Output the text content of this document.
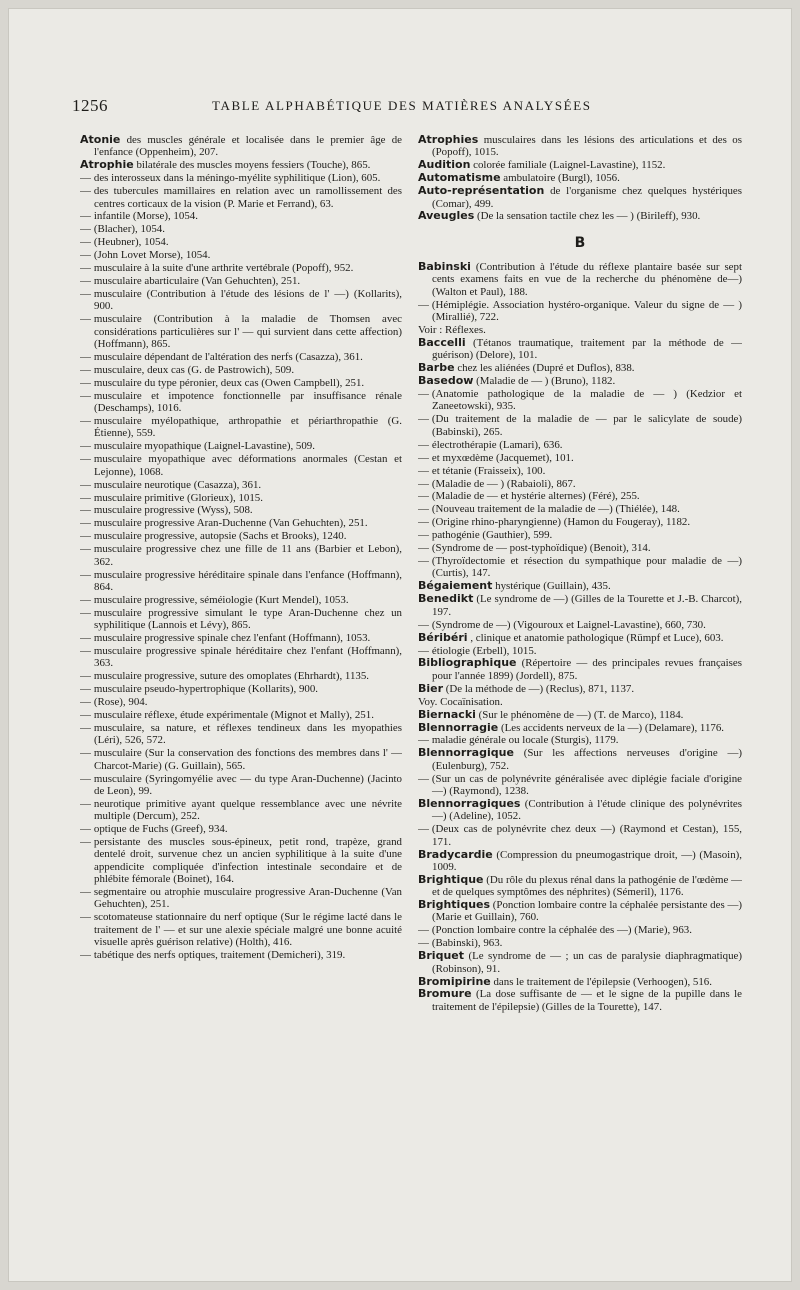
1256	TABLE ALPHABÉTIQUE DES MATIÈRES ANALYSÉES
Atonie des muscles générale et localisée dans le premier âge de l'enfance (Oppenheim), 207.
Atrophie bilatérale des muscles moyens fessiers (Touche), 865.
— des interosseux dans la méningo-myélite syphilitique (Lion), 605.
— des tubercules mamillaires en relation avec un ramollissement des centres corticaux de la vision (P. Marie et Ferrand), 63.
— infantile (Morse), 1054.
— (Blacher), 1054.
— (Heubner), 1054.
— (John Lovet Morse), 1054.
— musculaire à la suite d'une arthrite vertébrale (Popoff), 952.
— musculaire abarticulaire (Van Gehuchten), 251.
— musculaire (Contribution à l'étude des lésions de l' —) (Kollarits), 900.
— musculaire (Contribution à la maladie de Thomsen avec considérations particulières sur l' — qui survient dans cette affection) (Hoffmann), 865.
— musculaire dépendant de l'altération des nerfs (Casazza), 361.
— musculaire, deux cas (G. de Pastrowich), 509.
— musculaire du type péronier, deux cas (Owen Campbell), 251.
— musculaire et impotence fonctionnelle par insuffisance rénale (Deschamps), 1016.
— musculaire myélopathique, arthropathie et périarthropathie (G. Étienne), 559.
— musculaire myopathique (Laignel-Lavastine), 509.
— musculaire myopathique avec déformations anormales (Cestan et Lejonne), 1068.
— musculaire neurotique (Casazza), 361.
— musculaire primitive (Glorieux), 1015.
— musculaire progressive (Wyss), 508.
— musculaire progressive Aran-Duchenne (Van Gehuchten), 251.
— musculaire progressive, autopsie (Sachs et Brooks), 1240.
— musculaire progressive chez une fille de 11 ans (Barbier et Lebon), 362.
— musculaire progressive héréditaire spinale dans l'enfance (Hoffmann), 864.
— musculaire progressive, séméiologie (Kurt Mendel), 1053.
— musculaire progressive simulant le type Aran-Duchenne chez un syphilitique (Lannois et Lévy), 865.
— musculaire progressive spinale chez l'enfant (Hoffmann), 1053.
— musculaire progressive spinale héréditaire chez l'enfant (Hoffmann), 363.
— musculaire progressive, suture des omoplates (Ehrhardt), 1135.
— musculaire pseudo-hypertrophique (Kollarits), 900.
— (Rose), 904.
— musculaire réflexe, étude expérimentale (Mignot et Mally), 251.
— musculaire, sa nature, et réflexes tendineux dans les myopathies (Léri), 526, 572.
— musculaire (Sur la conservation des fonctions des membres dans l' — Charcot-Marie) (G. Guillain), 565.
— musculaire (Syringomyélie avec — du type Aran-Duchenne) (Jacinto de Leon), 99.
— neurotique primitive ayant quelque ressemblance avec une névrite multiple (Dercum), 252.
— optique de Fuchs (Greef), 934.
— persistante des muscles sous-épineux, petit rond, trapèze, grand dentelé droit, survenue chez un ancien syphilitique à la suite d'une appendicite compliquée d'infection intestinale secondaire et de phlébite fémorale (Boinet), 164.
— segmentaire ou atrophie musculaire progressive Aran-Duchenne (Van Gehuchten), 251.
— scotomateuse stationnaire du nerf optique (Sur le régime lacté dans le traitement de l' — et sur une alexie spéciale malgré une bonne acuité visuelle après guérison relative) (Holth), 416.
— tabétique des nerfs optiques, traitement (Demicheri), 319.
Atrophies musculaires dans les lésions des articulations et des os (Popoff), 1015.
Audition colorée familiale (Laignel-Lavastine), 1152.
Automatisme ambulatoire (Burgl), 1056.
Auto-représentation de l'organisme chez quelques hystériques (Comar), 499.
Aveugles (De la sensation tactile chez les — ) (Birileff), 930.
B
Babinski (Contribution à l'étude du réflexe plantaire basée sur sept cents examens faits en vue de la recherche du phénomène de—) (Walton et Paul), 188.
— (Hémiplégie. Association hystéro-organique. Valeur du signe de — ) (Mirallié), 722.
Voir : Réflexes.
Baccelli (Tétanos traumatique, traitement par la méthode de — guérison) (Delore), 101.
Barbe chez les aliénées (Dupré et Duflos), 838.
Basedow (Maladie de — ) (Bruno), 1182.
— (Anatomie pathologique de la maladie de — ) (Kedzior et Zaneetowski), 935.
— (Du traitement de la maladie de — par le salicylate de soude) (Babinski), 265.
— électrothérapie (Lamari), 636.
— et myxœdème (Jacquemet), 101.
— et tétanie (Fraisseix), 100.
— (Maladie de — ) (Rabaioli), 867.
— (Maladie de — et hystérie alternes) (Féré), 255.
— (Nouveau traitement de la maladie de —) (Thiélée), 148.
— (Origine rhino-pharyngienne) (Hamon du Fougeray), 1182.
— pathogénie (Gauthier), 599.
— (Syndrome de — post-typhoïdique) (Benoit), 314.
— (Thyroïdectomie et résection du sympathique pour maladie de —) (Curtis), 147.
Bégaiement hystérique (Guillain), 435.
Benedikt (Le syndrome de —) (Gilles de la Tourette et J.-B. Charcot), 197.
— (Syndrome de —) (Vigouroux et Laignel-Lavastine), 660, 730.
Béribéri , clinique et anatomie pathologique (Rümpf et Luce), 603.
— étiologie (Erbell), 1015.
Bibliographique (Répertoire — des principales revues françaises pour l'année 1899) (Jordell), 875.
Bier (De la méthode de —) (Reclus), 871, 1137.
Voy. Cocaïnisation.
Biernacki (Sur le phénomène de —) (T. de Marco), 1184.
Blennorragie (Les accidents nerveux de la —) (Delamare), 1176.
— maladie générale ou locale (Sturgis), 1179.
Blennorragique (Sur les affections nerveuses d'origine —) (Eulenburg), 752.
— (Sur un cas de polynévrite généralisée avec diplégie faciale d'origine —) (Raymond), 1238.
Blennorragiques (Contribution à l'étude clinique des polynévrites —) (Adeline), 1052.
— (Deux cas de polynévrite chez deux —) (Raymond et Cestan), 155, 171.
Bradycardie (Compression du pneumogastrique droit, —) (Masoin), 1009.
Brightique (Du rôle du plexus rénal dans la pathogénie de l'œdème — et de quelques symptômes des néphrites) (Sémeril), 1176.
Brightiques (Ponction lombaire contre la céphalée persistante des —) (Marie et Guillain), 760.
— (Ponction lombaire contre la céphalée des —) (Marie), 963.
— (Babinski), 963.
Briquet (Le syndrome de — ; un cas de paralysie diaphragmatique) (Robinson), 91.
Bromipirine dans le traitement de l'épilepsie (Verhoogen), 516.
Bromure (La dose suffisante de — et le signe de la pupille dans le traitement de l'épilepsie) (Gilles de la Tourette), 147.
